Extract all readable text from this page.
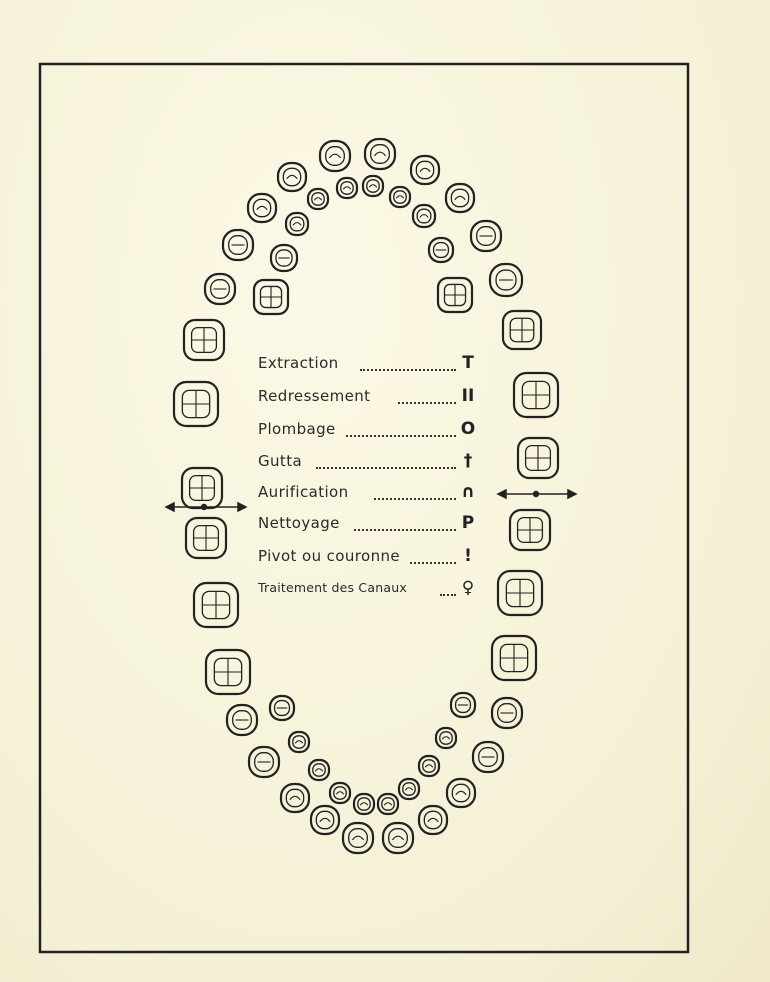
Extraction	T
Redressement	II
Plombage	O
Gutta	†
Aurification	∩
Nettoyage	P
Pivot ou couronne	!
Traitement des Canaux	♀
